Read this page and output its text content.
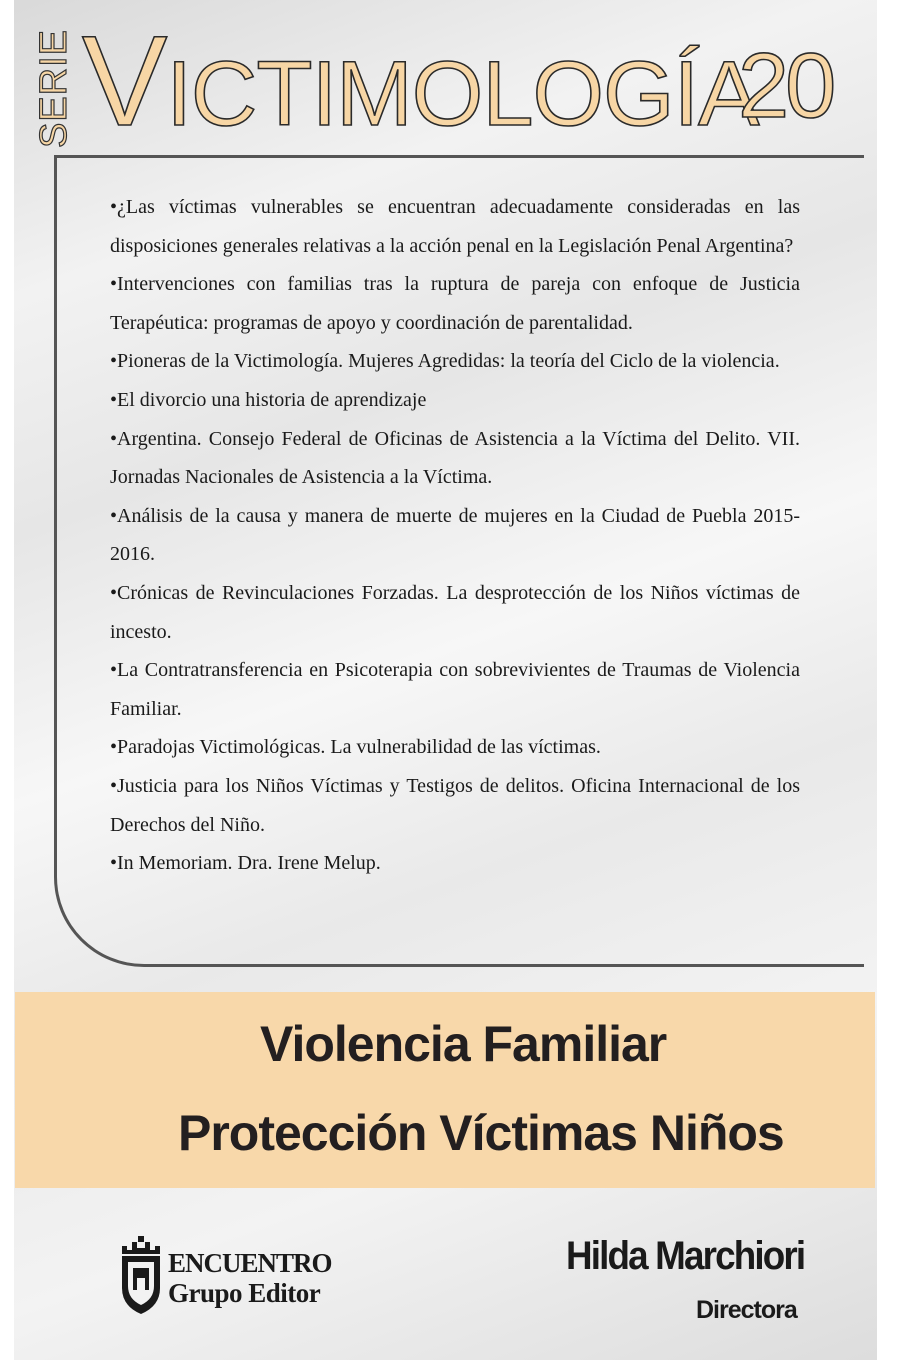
SERIE VICTIMOLOGÍA
20
•¿Las víctimas vulnerables se encuentran adecuadamente consideradas en las disposiciones generales relativas a la acción penal en la Legislación Penal Argentina?
•Intervenciones con familias tras la ruptura de pareja con enfoque de Justicia Terapéutica: programas de apoyo y coordinación de parentalidad.
•Pioneras de la Victimología. Mujeres Agredidas: la teoría del Ciclo de la violencia.
•El divorcio una historia de aprendizaje
•Argentina. Consejo Federal de Oficinas de Asistencia a la Víctima del Delito. VII. Jornadas Nacionales de Asistencia a la Víctima.
•Análisis de la causa y manera de muerte de mujeres en la Ciudad de Puebla 2015-2016.
•Crónicas de Revinculaciones Forzadas. La desprotección de los Niños víctimas de incesto.
•La Contratransferencia en Psicoterapia con sobrevivientes de Traumas de Violencia Familiar.
•Paradojas Victimológicas. La vulnerabilidad de las víctimas.
•Justicia para los Niños Víctimas y Testigos de delitos. Oficina Internacional de los Derechos del Niño.
•In Memoriam. Dra. Irene Melup.
Violencia Familiar
Protección Víctimas Niños
ENCUENTRO
Grupo Editor
Hilda Marchiori
Directora
